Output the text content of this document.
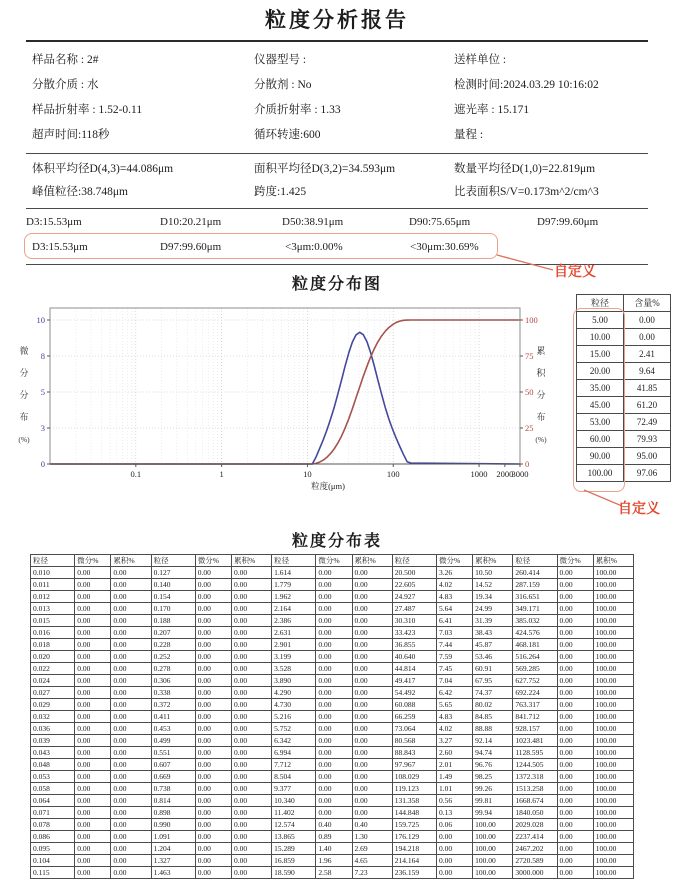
粒度分析报告
样品名称 : 2#	仪器型号 :	送样单位 :
分散介质 : 水	分散剂 : No	检测时间:2024.03.29 10:16:02
样品折射率 : 1.52-0.11	介质折射率 : 1.33	遮光率 : 15.171
超声时间:118秒	循环转速:600	量程 :
体积平均径D(4,3)=44.086μm	面积平均径D(3,2)=34.593μm	数量平均径D(1,0)=22.819μm
峰值粒径:38.748μm	跨度:1.425	比表面积S/V=0.173m^2/cm^3
D3:15.53μm	D10:20.21μm	D50:38.91μm	D90:75.65μm	D97:99.60μm
D3:15.53μm	D97:99.60μm	<3μm:0.00%	<30μm:30.69%
自定义
粒度分布图
0
3
5
8
10
0
25
50
75
100
0.1	1	10	100	1000 2000
3000
粒度(μm)
微
分
分
布
(%)
累
积
分
布
(%)
粒径	含量%
5.00	0.00
10.00	0.00
15.00	2.41
20.00	9.64
35.00	41.85
45.00	61.20
53.00	72.49
60.00	79.93
90.00	95.00
100.00	97.06
自定义
粒度分布表
粒径	微分%	累积%	粒径	微分%	累积%	粒径	微分%	累积%	粒径	微分%	累积%	粒径	微分%	累积%
0.010	0.00	0.00	0.127	0.00	0.00	1.614	0.00	0.00	20.500	3.26	10.50	260.414	0.00	100.00
0.011	0.00	0.00	0.140	0.00	0.00	1.779	0.00	0.00	22.605	4.02	14.52	287.159	0.00	100.00
0.012	0.00	0.00	0.154	0.00	0.00	1.962	0.00	0.00	24.927	4.83	19.34	316.651	0.00	100.00
0.013	0.00	0.00	0.170	0.00	0.00	2.164	0.00	0.00	27.487	5.64	24.99	349.171	0.00	100.00
0.015	0.00	0.00	0.188	0.00	0.00	2.386	0.00	0.00	30.310	6.41	31.39	385.032	0.00	100.00
0.016	0.00	0.00	0.207	0.00	0.00	2.631	0.00	0.00	33.423	7.03	38.43	424.576	0.00	100.00
0.018	0.00	0.00	0.228	0.00	0.00	2.901	0.00	0.00	36.855	7.44	45.87	468.181	0.00	100.00
0.020	0.00	0.00	0.252	0.00	0.00	3.199	0.00	0.00	40.640	7.59	53.46	516.264	0.00	100.00
0.022	0.00	0.00	0.278	0.00	0.00	3.528	0.00	0.00	44.814	7.45	60.91	569.285	0.00	100.00
0.024	0.00	0.00	0.306	0.00	0.00	3.890	0.00	0.00	49.417	7.04	67.95	627.752	0.00	100.00
0.027	0.00	0.00	0.338	0.00	0.00	4.290	0.00	0.00	54.492	6.42	74.37	692.224	0.00	100.00
0.029	0.00	0.00	0.372	0.00	0.00	4.730	0.00	0.00	60.088	5.65	80.02	763.317	0.00	100.00
0.032	0.00	0.00	0.411	0.00	0.00	5.216	0.00	0.00	66.259	4.83	84.85	841.712	0.00	100.00
0.036	0.00	0.00	0.453	0.00	0.00	5.752	0.00	0.00	73.064	4.02	88.88	928.157	0.00	100.00
0.039	0.00	0.00	0.499	0.00	0.00	6.342	0.00	0.00	80.568	3.27	92.14	1023.481	0.00	100.00
0.043	0.00	0.00	0.551	0.00	0.00	6.994	0.00	0.00	88.843	2.60	94.74	1128.595	0.00	100.00
0.048	0.00	0.00	0.607	0.00	0.00	7.712	0.00	0.00	97.967	2.01	96.76	1244.505	0.00	100.00
0.053	0.00	0.00	0.669	0.00	0.00	8.504	0.00	0.00	108.029	1.49	98.25	1372.318	0.00	100.00
0.058	0.00	0.00	0.738	0.00	0.00	9.377	0.00	0.00	119.123	1.01	99.26	1513.258	0.00	100.00
0.064	0.00	0.00	0.814	0.00	0.00	10.340	0.00	0.00	131.358	0.56	99.81	1668.674	0.00	100.00
0.071	0.00	0.00	0.898	0.00	0.00	11.402	0.00	0.00	144.848	0.13	99.94	1840.050	0.00	100.00
0.078	0.00	0.00	0.990	0.00	0.00	12.574	0.40	0.40	159.725	0.06	100.00	2029.028	0.00	100.00
0.086	0.00	0.00	1.091	0.00	0.00	13.865	0.89	1.30	176.129	0.00	100.00	2237.414	0.00	100.00
0.095	0.00	0.00	1.204	0.00	0.00	15.289	1.40	2.69	194.218	0.00	100.00	2467.202	0.00	100.00
0.104	0.00	0.00	1.327	0.00	0.00	16.859	1.96	4.65	214.164	0.00	100.00	2720.589	0.00	100.00
0.115	0.00	0.00	1.463	0.00	0.00	18.590	2.58	7.23	236.159	0.00	100.00	3000.000	0.00	100.00
